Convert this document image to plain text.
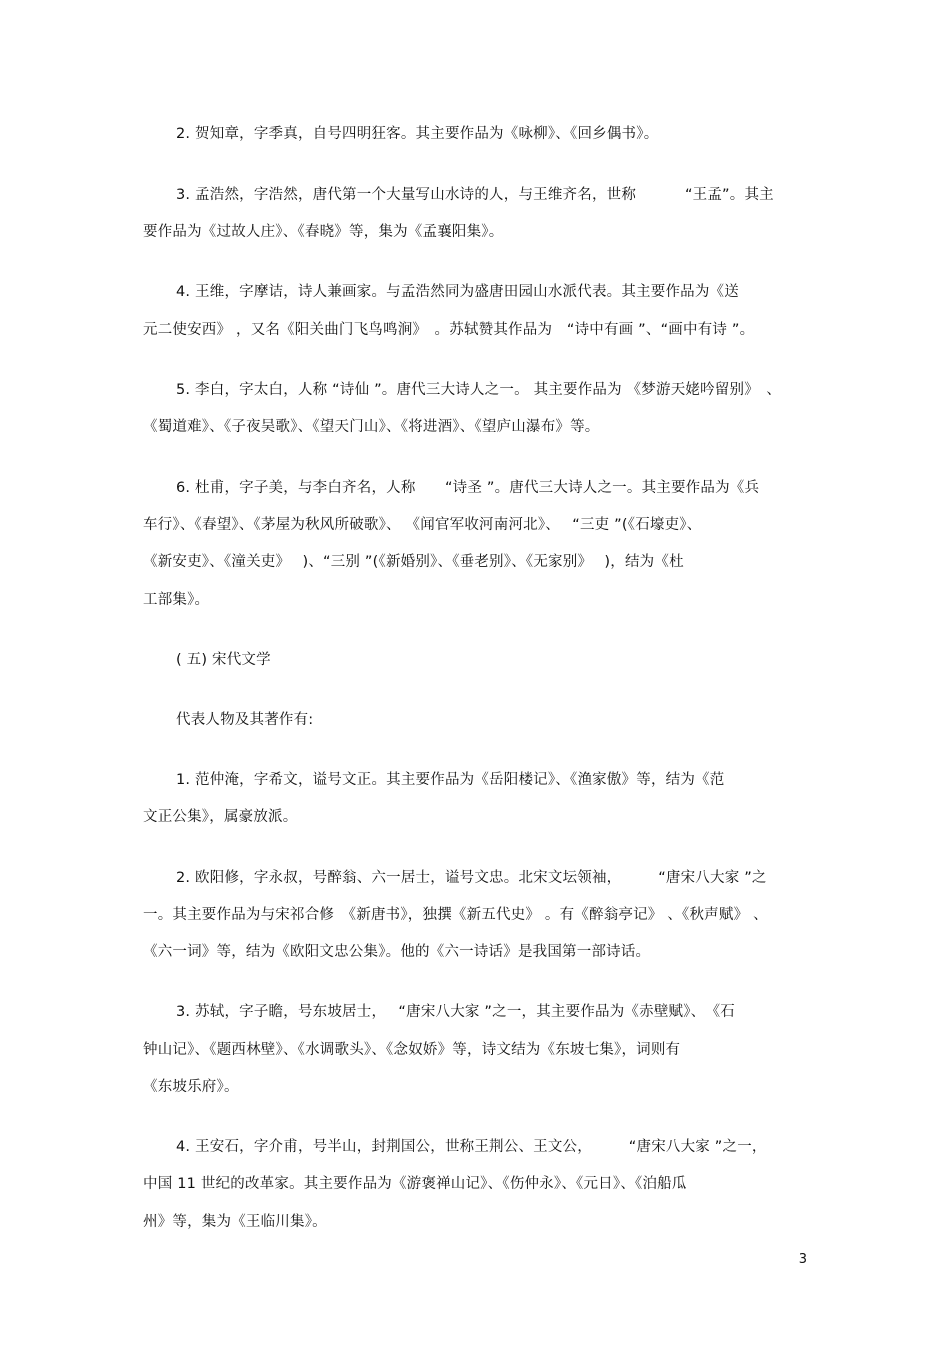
2. 贺知章，字季真，自号四明狂客。其主要作品为《咏柳》、《回乡偶书》。
3. 孟浩然，字浩然，唐代第一个大量写山水诗的人，与王维齐名，世称 　　　“王孟”。其主
要作品为《过故人庄》、《春晓》等，集为《孟襄阳集》。
4. 王维，字摩诘，诗人兼画家。与孟浩然同为盛唐田园山水派代表。其主要作品为《送
元二使安西》 ，又名《阳关曲门飞鸟鸣涧》　。苏轼赞其作品为　“诗中有画 ”、“画中有诗 ”。
5. 李白，字太白，人称 “诗仙 ”。唐代三大诗人之一。 其主要作品为 《梦游天姥吟留别》　、
《蜀道难》、《子夜吴歌》、《望天门山》、《将进酒》、《望庐山瀑布》等。
6. 杜甫，字子美，与李白齐名，人称　　“诗圣 ”。唐代三大诗人之一。其主要作品为《兵
车行》、《春望》、《茅屋为秋风所破歌》、 《闻官军收河南河北》、　 “三吏 ”(《石壕吏》、
《新安吏》、《潼关吏》　 )、“三别 ”(《新婚别》、《垂老别》、《无家别》　 )，结为《杜
工部集》。
( 五) 宋代文学
代表人物及其著作有:
1. 范仲淹，字希文，谥号文正。其主要作品为《岳阳楼记》、《渔家傲》等，结为《范
文正公集》，属豪放派。
2. 欧阳修，字永叔，号醉翁、六一居士，谥号文忠。北宋文坛领袖，　　　“唐宋八大家 ”之
一。其主要作品为与宋祁合修　《新唐书》，独撰《新五代史》 。有《醉翁亭记》 、《秋声赋》 、
《六一词》等，结为《欧阳文忠公集》。他的《六一诗话》是我国第一部诗话。
3. 苏轼，字子瞻，号东坡居士，　 “唐宋八大家 ”之一，其主要作品为《赤壁赋》、　《石
钟山记》、《题西林壁》、《水调歌头》、《念奴娇》等，诗文结为《东坡七集》，词则有
《东坡乐府》。
4. 王安石，字介甫，号半山，封荆国公，世称王荆公、王文公，　　　“唐宋八大家 ”之一，
中国 11 世纪的改革家。其主要作品为《游褒禅山记》、《伤仲永》、《元日》、《泊船瓜
州》等，集为《王临川集》。
3
